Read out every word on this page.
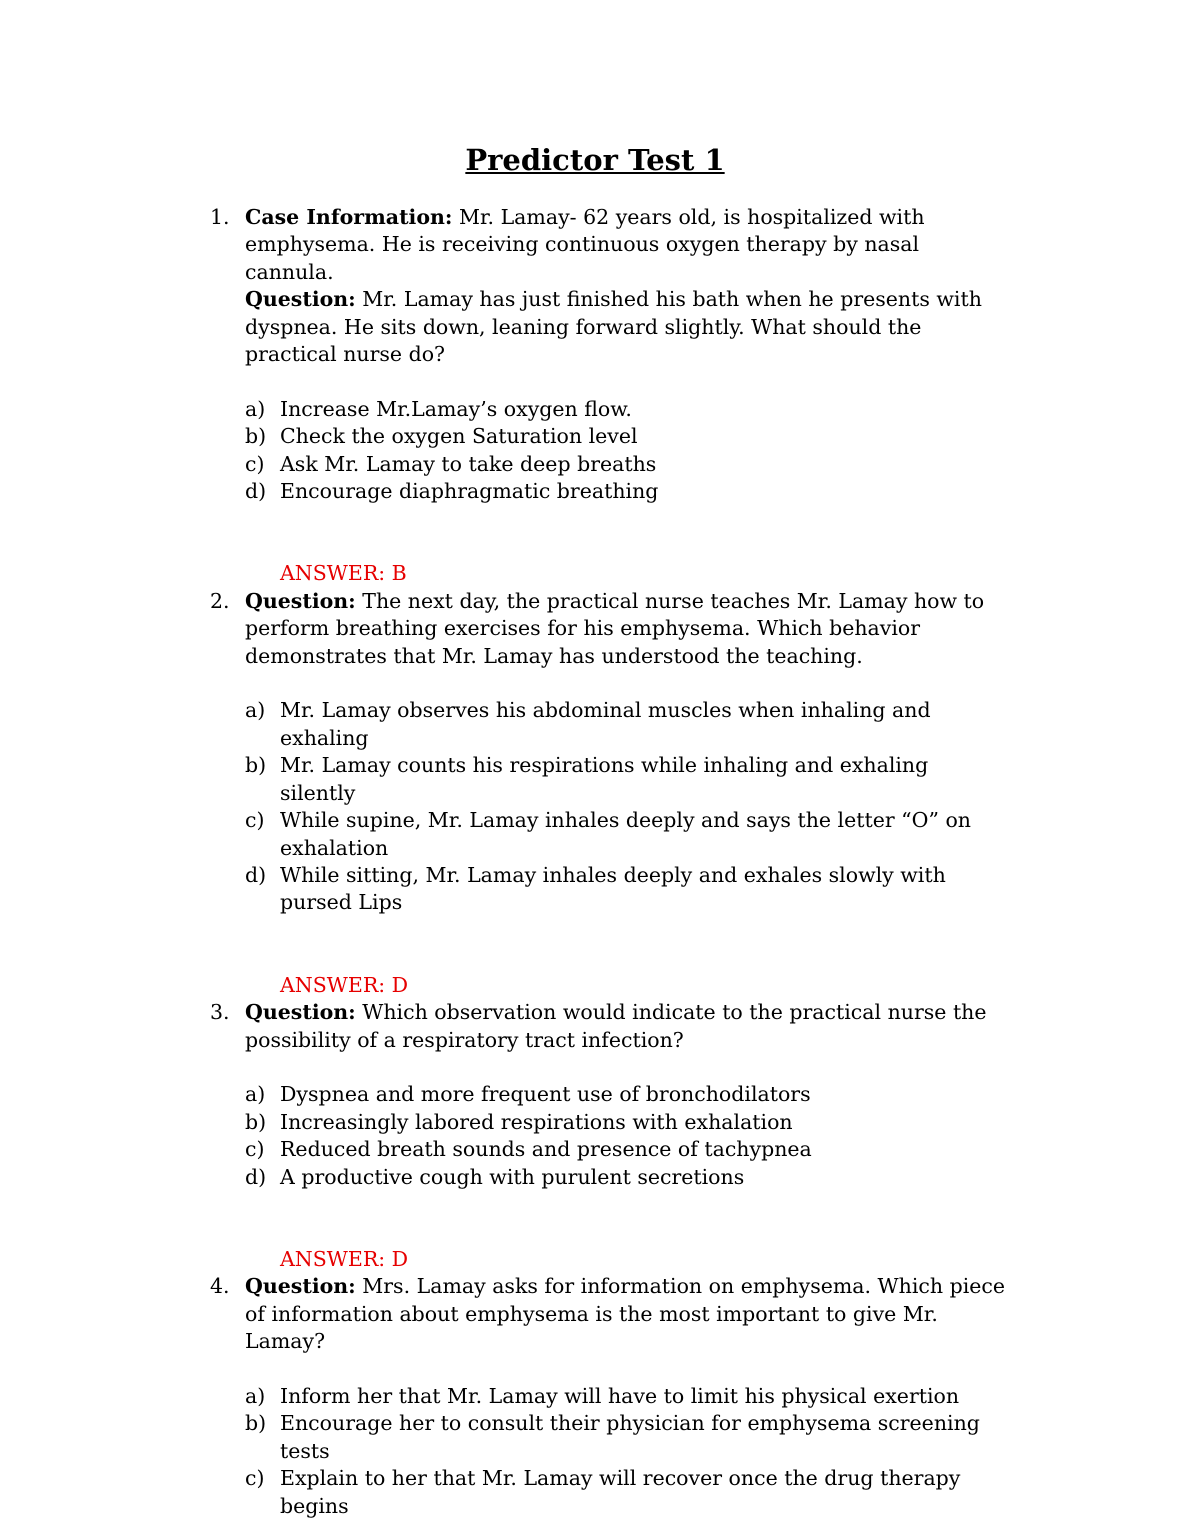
Predictor Test 1
1. Case Information: Mr. Lamay- 62 years old, is hospitalized with emphysema. He is receiving continuous oxygen therapy by nasal cannula.
Question: Mr. Lamay has just finished his bath when he presents with dyspnea. He sits down, leaning forward slightly. What should the practical nurse do?
a) Increase Mr.Lamay’s oxygen flow.
b) Check the oxygen Saturation level
c) Ask Mr. Lamay to take deep breaths
d) Encourage diaphragmatic breathing
ANSWER: B
2. Question: The next day, the practical nurse teaches Mr. Lamay how to perform breathing exercises for his emphysema. Which behavior demonstrates that Mr. Lamay has understood the teaching.
a) Mr. Lamay observes his abdominal muscles when inhaling and exhaling
b) Mr. Lamay counts his respirations while inhaling and exhaling silently
c) While supine, Mr. Lamay inhales deeply and says the letter “O” on exhalation
d) While sitting, Mr. Lamay inhales deeply and exhales slowly with pursed Lips
ANSWER: D
3. Question: Which observation would indicate to the practical nurse the possibility of a respiratory tract infection?
a) Dyspnea and more frequent use of bronchodilators
b) Increasingly labored respirations with exhalation
c) Reduced breath sounds and presence of tachypnea
d) A productive cough with purulent secretions
ANSWER: D
4. Question: Mrs. Lamay asks for information on emphysema. Which piece of information about emphysema is the most important to give Mr. Lamay?
a) Inform her that Mr. Lamay will have to limit his physical exertion
b) Encourage her to consult their physician for emphysema screening tests
c) Explain to her that Mr. Lamay will recover once the drug therapy begins
